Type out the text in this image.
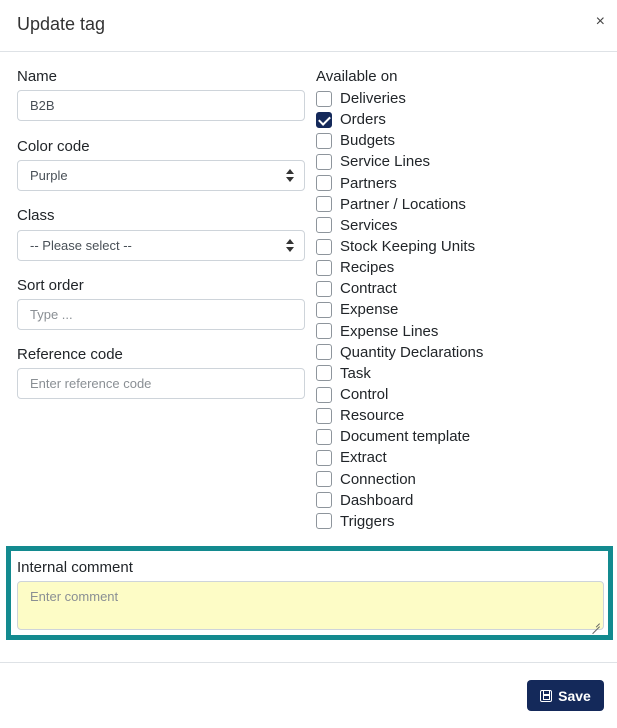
Update tag	×
Name
B2B
Color code
Purple
Class
-- Please select --
Sort order
Type ...
Reference code
Enter reference code
Available on
Deliveries
Orders
Budgets
Service Lines
Partners
Partner / Locations
Services
Stock Keeping Units
Recipes
Contract
Expense
Expense Lines
Quantity Declarations
Task
Control
Resource
Document template
Extract
Connection
Dashboard
Triggers
Internal comment
Enter comment
Save
